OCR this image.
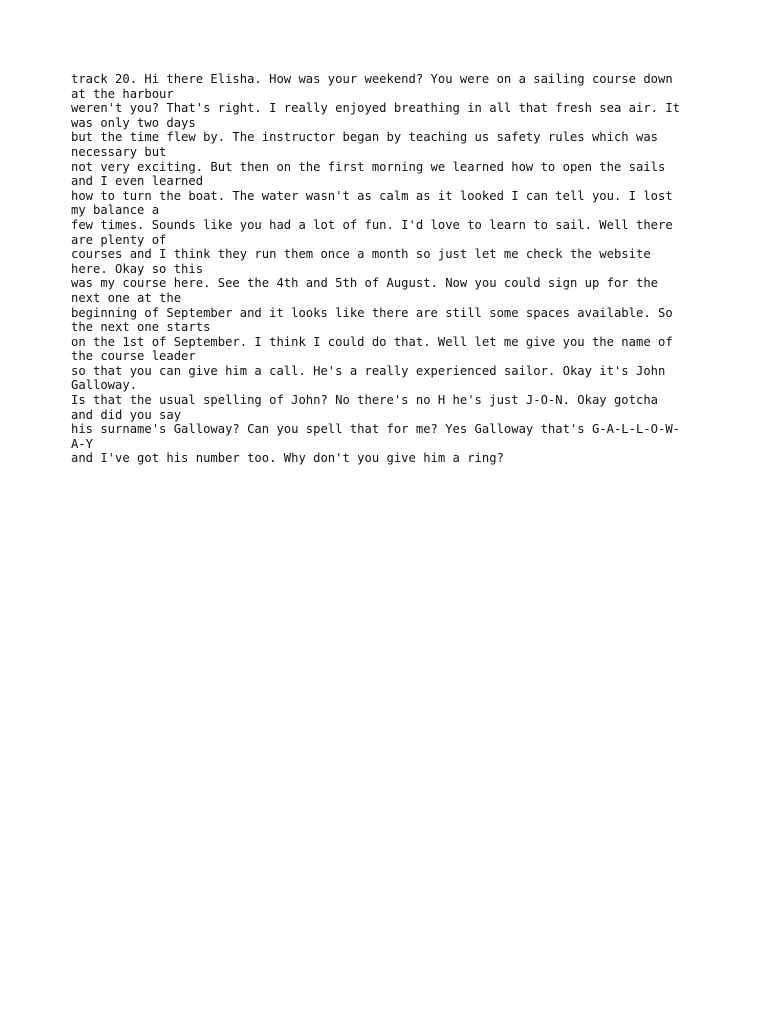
track 20. Hi there Elisha. How was your weekend? You were on a sailing course down

at the harbour

weren't you? That's right. I really enjoyed breathing in all that fresh sea air. It

was only two days

but the time flew by. The instructor began by teaching us safety rules which was

necessary but

not very exciting. But then on the first morning we learned how to open the sails

and I even learned

how to turn the boat. The water wasn't as calm as it looked I can tell you. I lost

my balance a

few times. Sounds like you had a lot of fun. I'd love to learn to sail. Well there

are plenty of

courses and I think they run them once a month so just let me check the website

here. Okay so this

was my course here. See the 4th and 5th of August. Now you could sign up for the

next one at the

beginning of September and it looks like there are still some spaces available. So

the next one starts

on the 1st of September. I think I could do that. Well let me give you the name of

the course leader

so that you can give him a call. He's a really experienced sailor. Okay it's John

Galloway.

Is that the usual spelling of John? No there's no H he's just J-O-N. Okay gotcha

and did you say

his surname's Galloway? Can you spell that for me? Yes Galloway that's G-A-L-L-O-W-

A-Y

and I've got his number too. Why don't you give him a ring?
